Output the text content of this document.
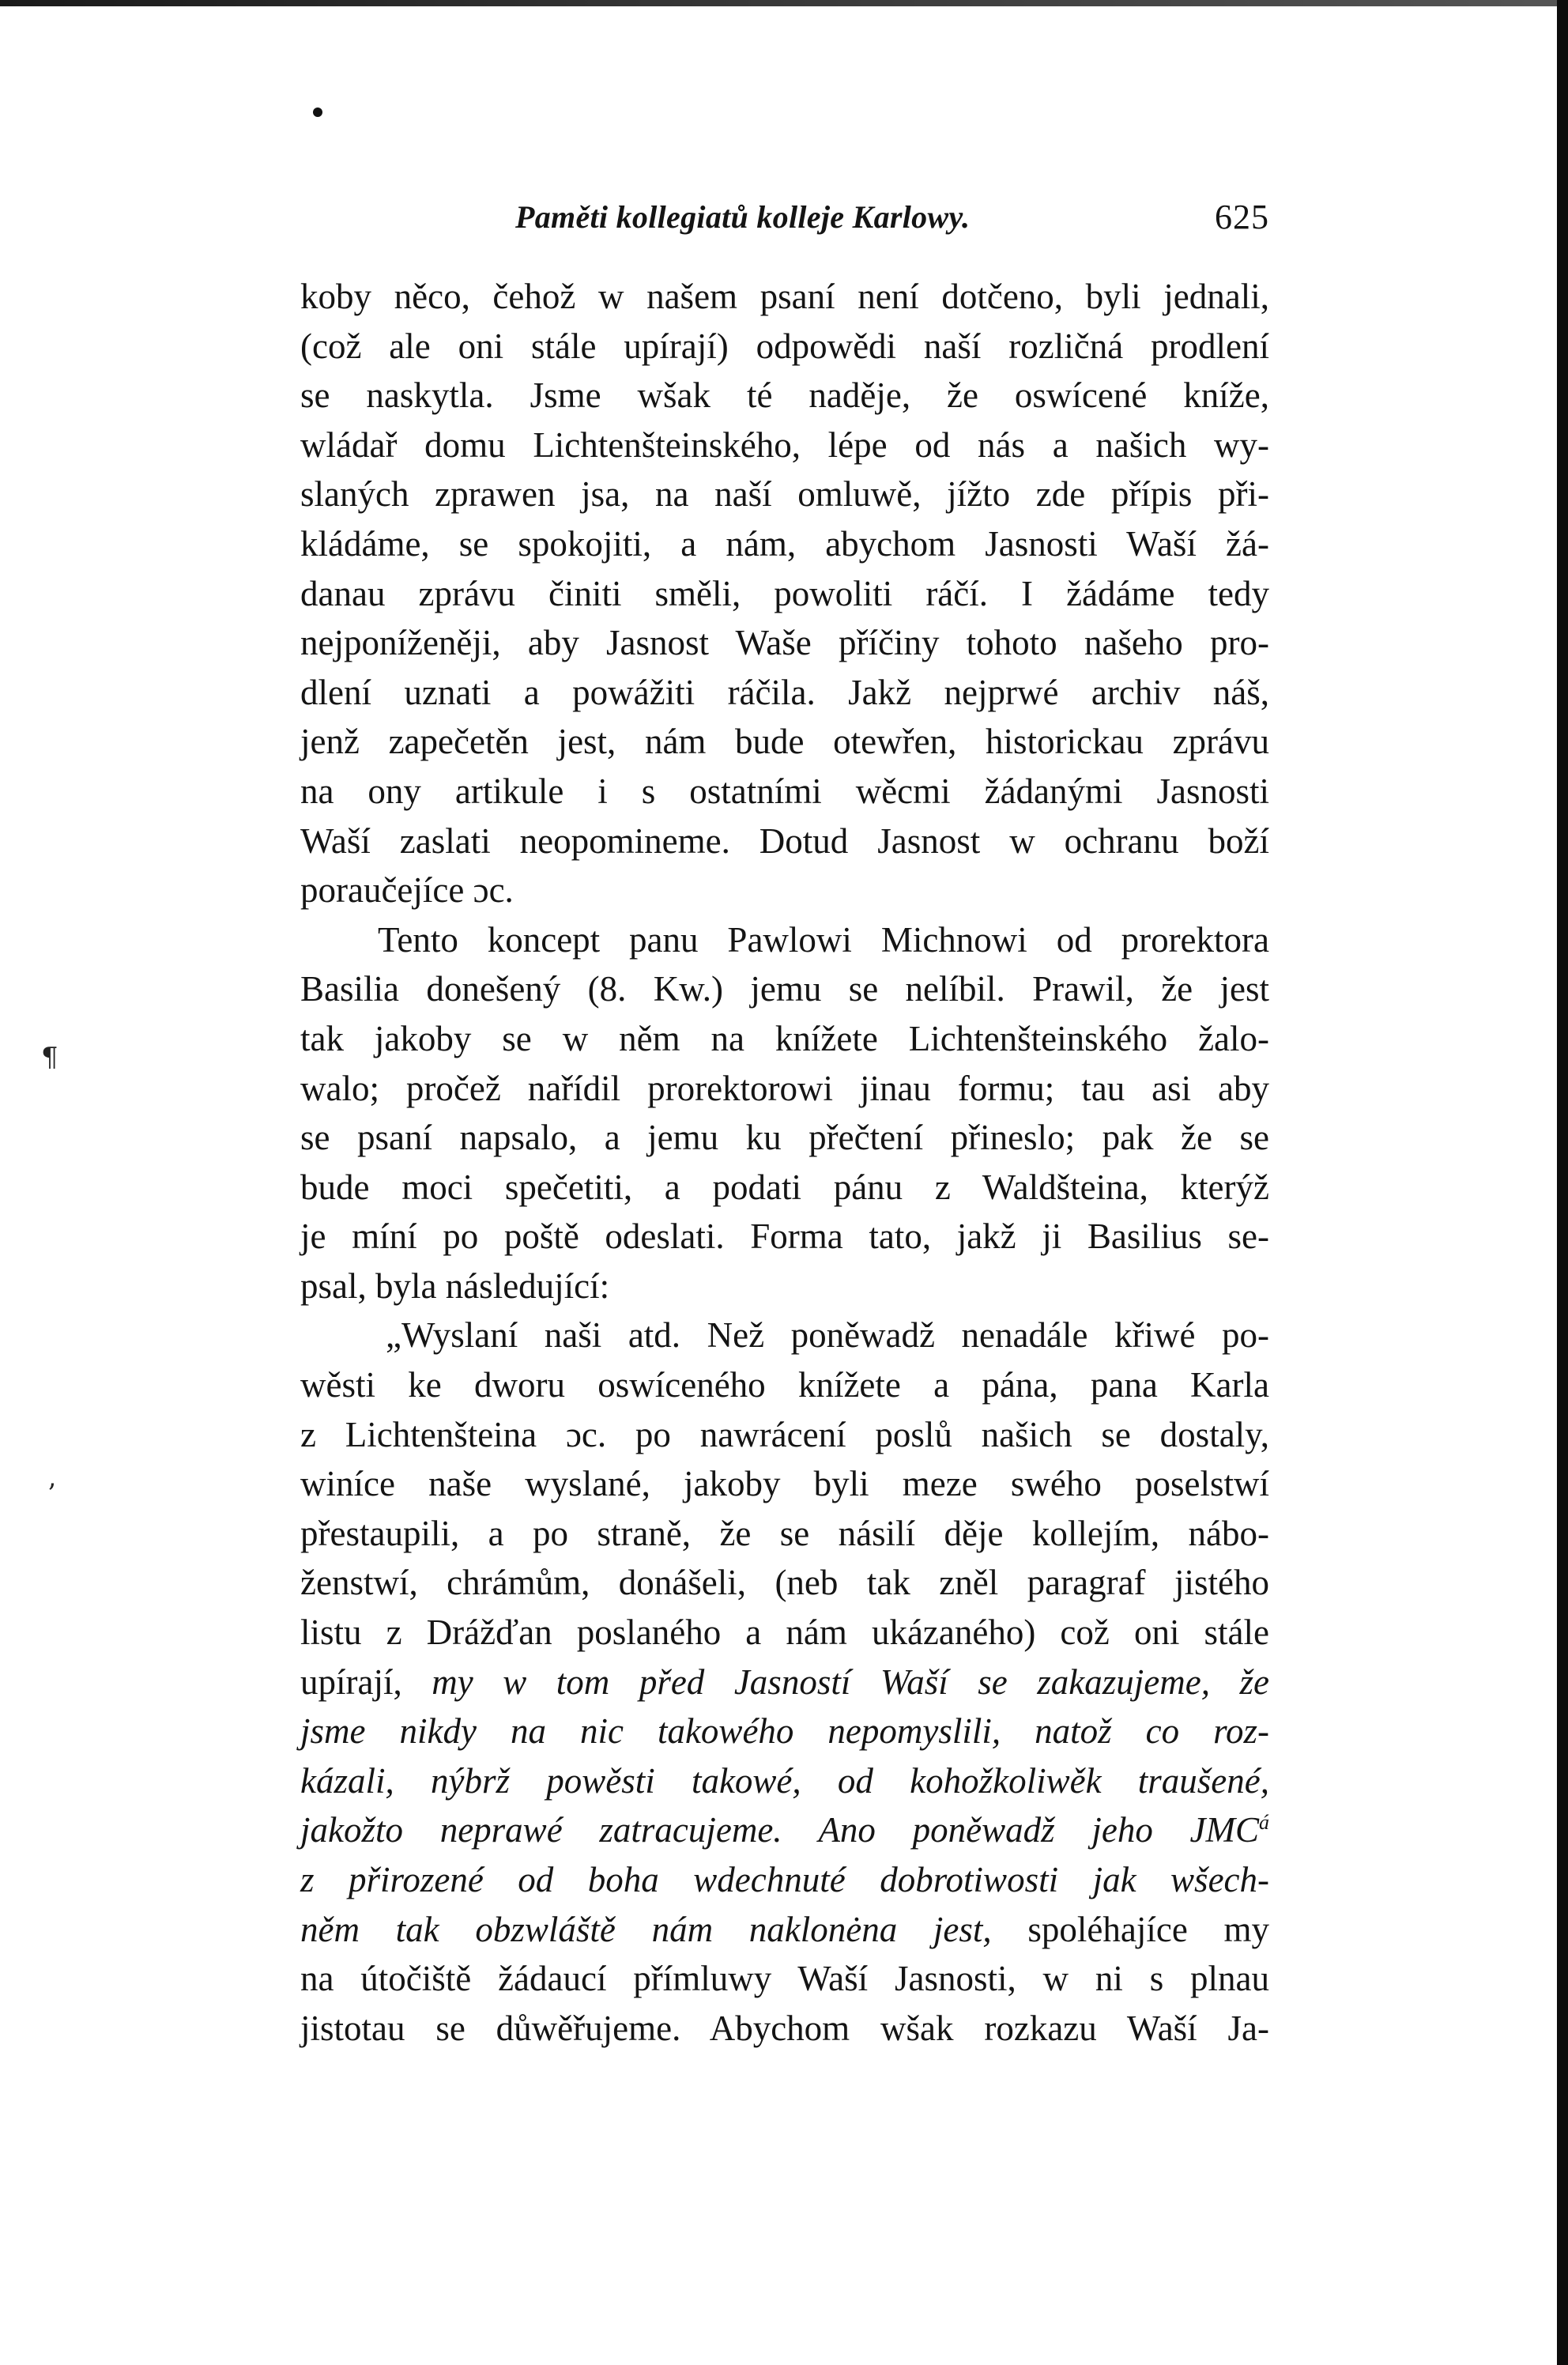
¶
’
Paměti kollegiatů kolleje Karlowy.	625
koby něco, čehož w našem psaní není dotčeno, byli jednali,
(což ale oni stále upírají) odpowědi naší rozličná prodlení
se naskytla. Jsme wšak té naděje, že oswícené kníže,
wládař domu Lichtenšteinského, lépe od nás a našich wy-
slaných zprawen jsa, na naší omluwě, jížto zde přípis při-
kládáme, se spokojiti, a nám, abychom Jasnosti Waší žá-
danau zprávu činiti směli, powoliti ráčí. I žádáme tedy
nejponíženěji, aby Jasnost Waše příčiny tohoto našeho pro-
dlení uznati a powážiti ráčila. Jakž nejprwé archiv náš,
jenž zapečetěn jest, nám bude otewřen, historickau zprávu
na ony artikule i s ostatními wěcmi žádanými Jasnosti
Waší zaslati neopomineme. Dotud Jasnost w ochranu boží
poraučejíce ɔc.
Tento koncept panu Pawlowi Michnowi od prorektora
Basilia donešený (8. Kw.) jemu se nelíbil. Prawil, že jest
tak jakoby se w něm na knížete Lichtenšteinského žalo-
walo; pročež nařídil prorektorowi jinau formu; tau asi aby
se psaní napsalo, a jemu ku přečtení přineslo; pak že se
bude moci spečetiti, a podati pánu z Waldšteina, kterýž
je míní po poště odeslati. Forma tato, jakž ji Basilius se-
psal, byla následující:
„Wyslaní naši atd. Než poněwadž nenadále křiwé po-
wěsti ke dworu oswíceného knížete a pána, pana Karla
z Lichtenšteina ɔc. po nawrácení poslů našich se dostaly,
winíce naše wyslané, jakoby byli meze swého poselstwí
přestaupili, a po straně, že se násilí děje kollejím, nábo-
ženstwí, chrámům, donášeli, (neb tak zněl paragraf jistého
listu z Drážďan poslaného a nám ukázaného) což oni stále
upírají, my w tom před Jasností Waší se zakazujeme, že
jsme nikdy na nic takowého nepomyslili, natož co roz-
kázali, nýbrž powěsti takowé, od kohožkoliwěk traušené,
jakožto neprawé zatracujeme. Ano poněwadž jeho $JMC^á$
z přirozené od boha wdechnuté dobrotiwosti jak wšech-
něm tak obzwláště nám naklonėna jest, spoléhajíce my
na útočiště žádaucí přímluwy Waší Jasnosti, w ni s plnau
jistotau se důwěřujeme. Abychom wšak rozkazu Waší Ja-
